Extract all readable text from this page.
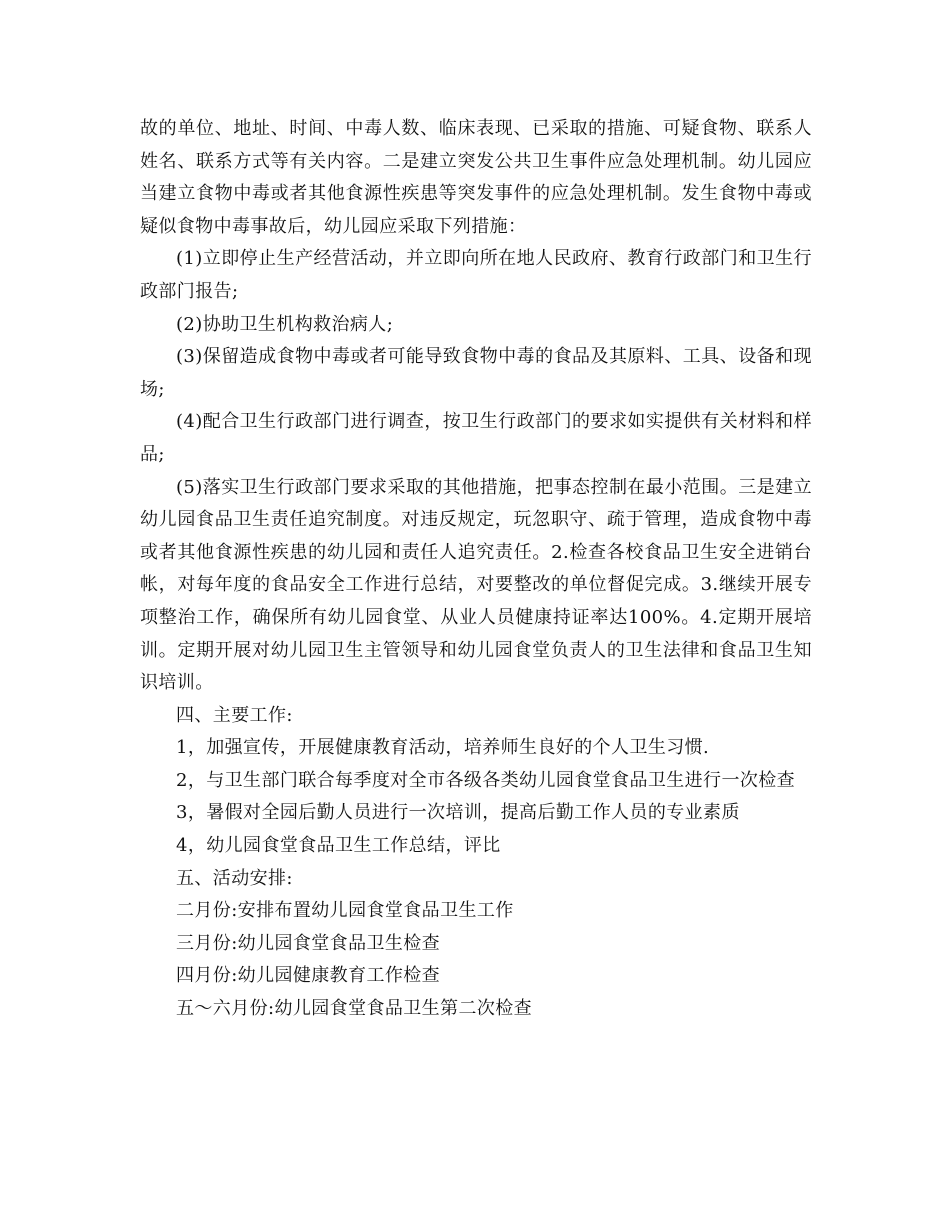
故的单位、地址、时间、中毒人数、临床表现、已采取的措施、可疑食物、联系人姓名、联系方式等有关内容。二是建立突发公共卫生事件应急处理机制。幼儿园应当建立食物中毒或者其他食源性疾患等突发事件的应急处理机制。发生食物中毒或疑似食物中毒事故后，幼儿园应采取下列措施：

(1)立即停止生产经营活动，并立即向所在地人民政府、教育行政部门和卫生行政部门报告;

(2)协助卫生机构救治病人;

(3)保留造成食物中毒或者可能导致食物中毒的食品及其原料、工具、设备和现场;

(4)配合卫生行政部门进行调查，按卫生行政部门的要求如实提供有关材料和样品;

(5)落实卫生行政部门要求采取的其他措施，把事态控制在最小范围。三是建立幼儿园食品卫生责任追究制度。对违反规定，玩忽职守、疏于管理，造成食物中毒或者其他食源性疾患的幼儿园和责任人追究责任。2.检查各校食品卫生安全进销台帐，对每年度的食品安全工作进行总结，对要整改的单位督促完成。3.继续开展专项整治工作，确保所有幼儿园食堂、从业人员健康持证率达100%。4.定期开展培训。定期开展对幼儿园卫生主管领导和幼儿园食堂负责人的卫生法律和食品卫生知识培训。

四、主要工作:

1，加强宣传，开展健康教育活动，培养师生良好的个人卫生习惯.

2，与卫生部门联合每季度对全市各级各类幼儿园食堂食品卫生进行一次检查

3，暑假对全园后勤人员进行一次培训，提高后勤工作人员的专业素质

4，幼儿园食堂食品卫生工作总结，评比

五、活动安排:

二月份:安排布置幼儿园食堂食品卫生工作

三月份:幼儿园食堂食品卫生检查

四月份:幼儿园健康教育工作检查

五～六月份:幼儿园食堂食品卫生第二次检查
